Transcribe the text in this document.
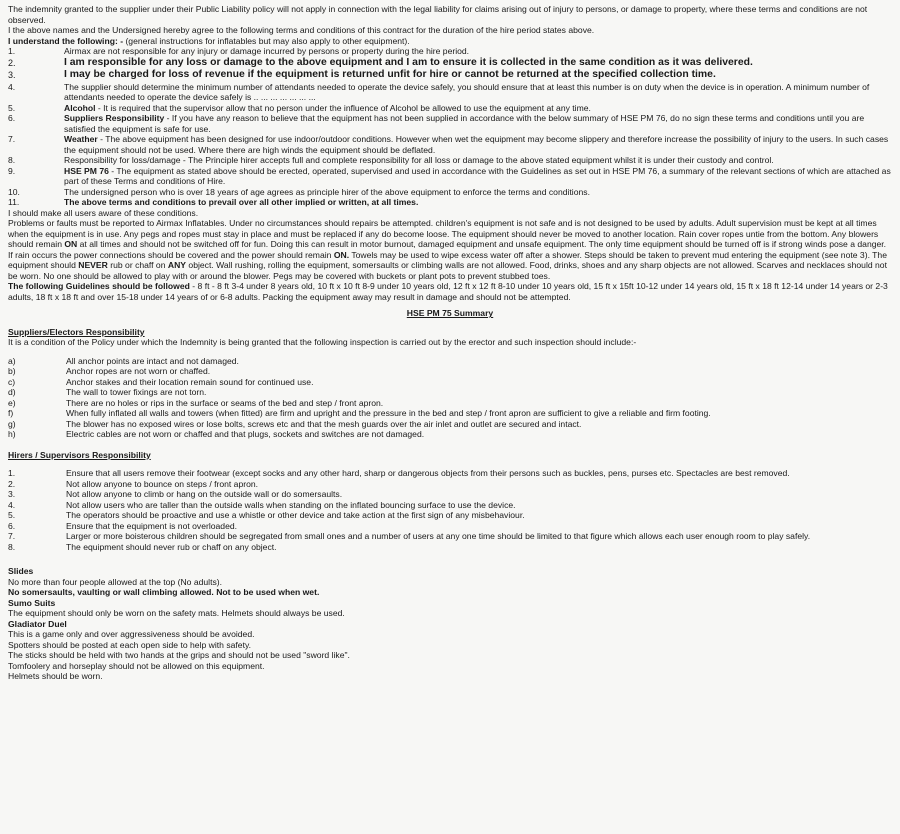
The indemnity granted to the supplier under their Public Liability policy will not apply in connection with the legal liability for claims arising out of injury to persons, or damage to property, where these terms and conditions are not observed.

I the above names and the Undersigned hereby agree to the following terms and conditions of this contract for the duration of the hire period states above.

I understand the following: - (general instructions for inflatables but may also apply to other equipment).

1.	Airmax are not responsible for any injury or damage incurred by persons or property during the hire period.
2.	I am responsible for any loss or damage to the above equipment and I am to ensure it is collected in the same condition as it was delivered.
3.	I may be charged for loss of revenue if the equipment is returned unfit for hire or cannot be returned at the specified collection time.
4.	The supplier should determine the minimum number of attendants needed to operate the device safely, you should ensure that at least this number is on duty when the device is in operation. A minimum number of attendants needed to operate the device safely is .. ... ... ... ... ... ...
5.	Alcohol - It is required that the supervisor allow that no person under the influence of Alcohol be allowed to use the equipment at any time.
6.	Suppliers Responsibility - If you have any reason to believe that the equipment has not been supplied in accordance with the below summary of HSE PM 76, do no sign these terms and conditions until you are satisfied the equipment is safe for use.
7.	Weather - The above equipment has been designed for use indoor/outdoor conditions. However when wet the equipment may become slippery and therefore increase the possibility of injury to the users. In such cases the equipment should not be used. Where there are high winds the equipment should be deflated.
8.	Responsibility for loss/damage - The Principle hirer accepts full and complete responsibility for all loss or damage to the above stated equipment whilst it is under their custody and control.
9.	HSE PM 76 - The equipment as stated above should be erected, operated, supervised and used in accordance with the Guidelines as set out in HSE PM 76, a summary of the relevant sections of which are attached as part of these Terms and conditions of Hire.
10.	The undersigned person who is over 18 years of age agrees as principle hirer of the above equipment to enforce the terms and conditions.
11.	The above terms and conditions to prevail over all other implied or written, at all times.

I should make all users aware of these conditions.

Problems or faults must be reported to Airmax Inflatables. Under no circumstances should repairs be attempted. children's equipment is not safe and is not designed to be used by adults. Adult supervision must be kept at all times when the equipment is in use. Any pegs and ropes must stay in place and must be replaced if any do become loose. The equipment should never be moved to another location. Rain cover ropes untie from the bottom. Any blowers should remain ON at all times and should not be switched off for fun. Doing this can result in motor burnout, damaged equipment and unsafe equipment. The only time equipment should be turned off is if strong winds pose a danger. If rain occurs the power connections should be covered and the power should remain ON. Towels may be used to wipe excess water off after a shower. Steps should be taken to prevent mud entering the equipment (see note 3). The equipment should NEVER rub or chaff on ANY object. Wall rushing, rolling the equipment, somersaults or climbing walls are not allowed. Food, drinks, shoes and any sharp objects are not allowed. Scarves and necklaces should not be worn. No one should be allowed to play with or around the blower. Pegs may be covered with buckets or plant pots to prevent stubbed toes.

The following Guidelines should be followed - 8 ft - 8 ft 3-4 under 8 years old, 10 ft x 10 ft 8-9 under 10 years old, 12 ft x 12 ft 8-10 under 10 years old, 15 ft x 15ft 10-12 under 14 years old, 15 ft x 18 ft 12-14 under 14 years or 2-3 adults, 18 ft x 18 ft and over 15-18 under 14 years of or 6-8 adults. Packing the equipment away may result in damage and should not be attempted.

HSE PM 75 Summary
Suppliers/Electors Responsibility

It is a condition of the Policy under which the Indemnity is being granted that the following inspection is carried out by the erector and such inspection should include:-

a)	All anchor points are intact and not damaged.
b)	Anchor ropes are not worn or chaffed.
c)	Anchor stakes and their location remain sound for continued use.
d)	The wall to tower fixings are not torn.
e)	There are no holes or rips in the surface or seams of the bed and step / front apron.
f)	When fully inflated all walls and towers (when fitted) are firm and upright and the pressure in the bed and step / front apron are sufficient to give a reliable and firm footing.
g)	The blower has no exposed wires or lose bolts, screws etc and that the mesh guards over the air inlet and outlet are secured and intact.
h)	Electric cables are not worn or chaffed and that plugs, sockets and switches are not damaged.
Hirers / Supervisors Responsibility
1.	Ensure that all users remove their footwear (except socks and any other hard, sharp or dangerous objects from their persons such as buckles, pens, purses etc. Spectacles are best removed.
2.	Not allow anyone to bounce on steps / front apron.
3.	Not allow anyone to climb or hang on the outside wall or do somersaults.
4.	Not allow users who are taller than the outside walls when standing on the inflated bouncing surface to use the device.
5.	The operators should be proactive and use a whistle or other device and take action at the first sign of any misbehaviour.
6.	Ensure that the equipment is not overloaded.
7.	Larger or more boisterous children should be segregated from small ones and a number of users at any one time should be limited to that figure which allows each user enough room to play safely.
8.	The equipment should never rub or chaff on any object.
Slides

No more than four people allowed at the top (No adults).

No somersaults, vaulting or wall climbing allowed. Not to be used when wet.

Sumo Suits

The equipment should only be worn on the safety mats. Helmets should always be used.

Gladiator Duel

This is a game only and over aggressiveness should be avoided.

Spotters should be posted at each open side to help with safety.

The sticks should be held with two hands at the grips and should not be used "sword like".

Tomfoolery and horseplay should not be allowed on this equipment.

Helmets should be worn.
